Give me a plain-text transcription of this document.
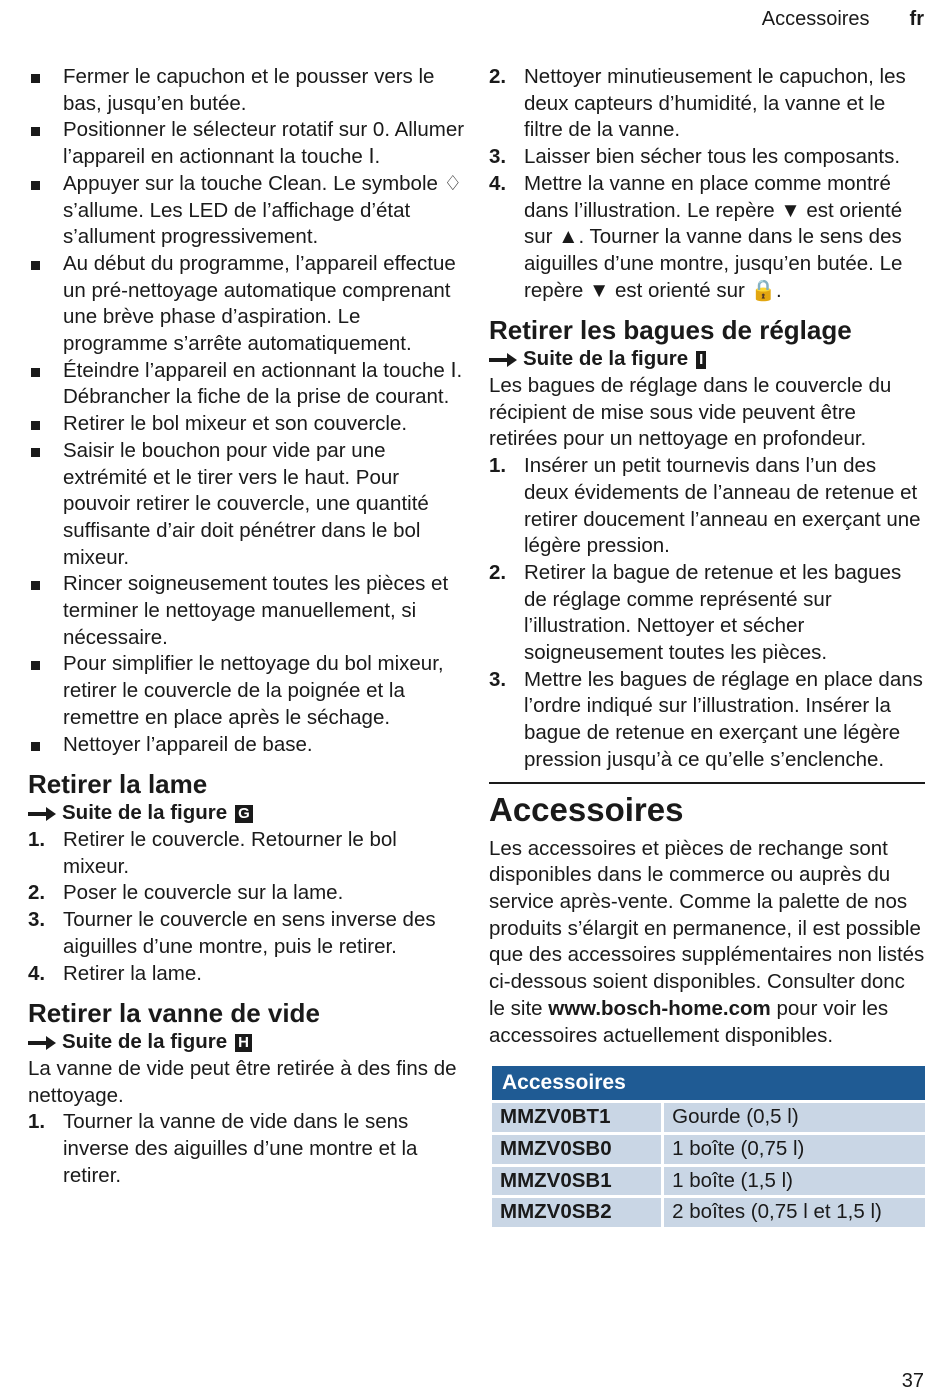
Accessoires fr
Fermer le capuchon et le pousser vers le bas, jusqu’en butée.
Positionner le sélecteur rotatif sur 0. Allumer l’appareil en actionnant la touche Ⅰ.
Appuyer sur la touche Clean. Le symbole ♢ s’allume. Les LED de l’affichage d’état s’allument progressivement.
Au début du programme, l’appareil effectue un pré-nettoyage automatique comprenant une brève phase d’aspiration. Le programme s’arrête automatiquement.
Éteindre l’appareil en actionnant la touche Ⅰ. Débrancher la fiche de la prise de courant.
Retirer le bol mixeur et son couvercle.
Saisir le bouchon pour vide par une extrémité et le tirer vers le haut. Pour pouvoir retirer le couvercle, une quantité suffisante d’air doit pénétrer dans le bol mixeur.
Rincer soigneusement toutes les pièces et terminer le nettoyage manuellement, si nécessaire.
Pour simplifier le nettoyage du bol mixeur, retirer le couvercle de la poignée et la remettre en place après le séchage.
Nettoyer l’appareil de base.
Retirer la lame
Suite de la figure G
1. Retirer le couvercle. Retourner le bol mixeur.
2. Poser le couvercle sur la lame.
3. Tourner le couvercle en sens inverse des aiguilles d’une montre, puis le retirer.
4. Retirer la lame.
Retirer la vanne de vide
Suite de la figure H

La vanne de vide peut être retirée à des fins de nettoyage.

1. Tourner la vanne de vide dans le sens inverse des aiguilles d’une montre et la retirer.
2. Nettoyer minutieusement le capuchon, les deux capteurs d’humidité, la vanne et le filtre de la vanne.
3. Laisser bien sécher tous les composants.
4. Mettre la vanne en place comme montré dans l’illustration. Le repère ▼ est orienté sur ▲. Tourner la vanne dans le sens des aiguilles d’une montre, jusqu’en butée. Le repère ▼ est orienté sur 🔒.
Retirer les bagues de réglage
Suite de la figure I

Les bagues de réglage dans le couvercle du récipient de mise sous vide peuvent être retirées pour un nettoyage en profondeur.

1. Insérer un petit tournevis dans l’un des deux évidements de l’anneau de retenue et retirer doucement l’anneau en exerçant une légère pression.
2. Retirer la bague de retenue et les bagues de réglage comme représenté sur l’illustration. Nettoyer et sécher soigneusement toutes les pièces.
3. Mettre les bagues de réglage en place dans l’ordre indiqué sur l’illustration. Insérer la bague de retenue en exerçant une légère pression jusqu’à ce qu’elle s’enclenche.
Accessoires

Les accessoires et pièces de rechange sont disponibles dans le commerce ou auprès du service après-vente. Comme la palette de nos produits s’élargit en permanence, il est possible que des accessoires supplémentaires non listés ci-dessous soient disponibles. Consulter donc le site www.bosch-home.com pour voir les accessoires actuellement disponibles.

Accessoires	
MMZV0BT1	Gourde (0,5 l)
MMZV0SB0	1 boîte (0,75 l)
MMZV0SB1	1 boîte (1,5 l)
MMZV0SB2	2 boîtes (0,75 l et 1,5 l)
37
